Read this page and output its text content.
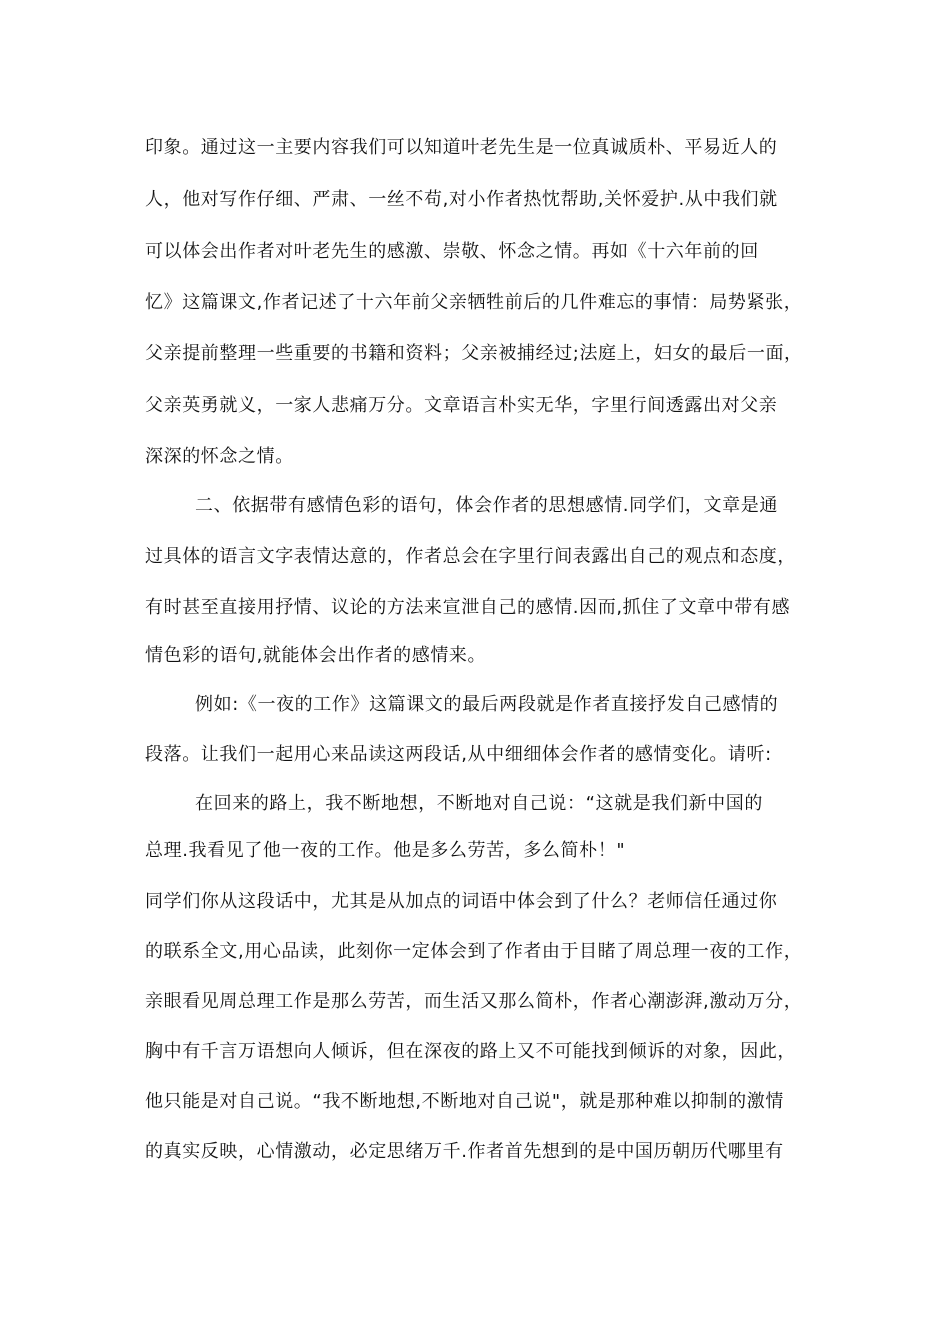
印象。通过这一主要内容我们可以知道叶老先生是一位真诚质朴、平易近人的
人，他对写作仔细、严肃、一丝不苟,对小作者热忱帮助,关怀爱护.从中我们就
可以体会出作者对叶老先生的感激、崇敬、怀念之情。再如《十六年前的回
忆》这篇课文,作者记述了十六年前父亲牺牲前后的几件难忘的事情：局势紧张，
父亲提前整理一些重要的书籍和资料；父亲被捕经过;法庭上，妇女的最后一面，
父亲英勇就义，一家人悲痛万分。文章语言朴实无华，字里行间透露出对父亲
深深的怀念之情。
二、依据带有感情色彩的语句，体会作者的思想感情.同学们，文章是通
过具体的语言文字表情达意的，作者总会在字里行间表露出自己的观点和态度，
有时甚至直接用抒情、议论的方法来宣泄自己的感情.因而,抓住了文章中带有感
情色彩的语句,就能体会出作者的感情来。
例如:《一夜的工作》这篇课文的最后两段就是作者直接抒发自己感情的
段落。让我们一起用心来品读这两段话,从中细细体会作者的感情变化。请听:
在回来的路上，我不断地想，不断地对自己说：“这就是我们新中国的
总理.我看见了他一夜的工作。他是多么劳苦，多么简朴！"
同学们你从这段话中，尤其是从加点的词语中体会到了什么？老师信任通过你
的联系全文,用心品读，此刻你一定体会到了作者由于目睹了周总理一夜的工作，
亲眼看见周总理工作是那么劳苦，而生活又那么简朴，作者心潮澎湃,激动万分，
胸中有千言万语想向人倾诉，但在深夜的路上又不可能找到倾诉的对象，因此，
他只能是对自己说。“我不断地想,不断地对自己说"，就是那种难以抑制的激情
的真实反映，心情激动，必定思绪万千.作者首先想到的是中国历朝历代哪里有
